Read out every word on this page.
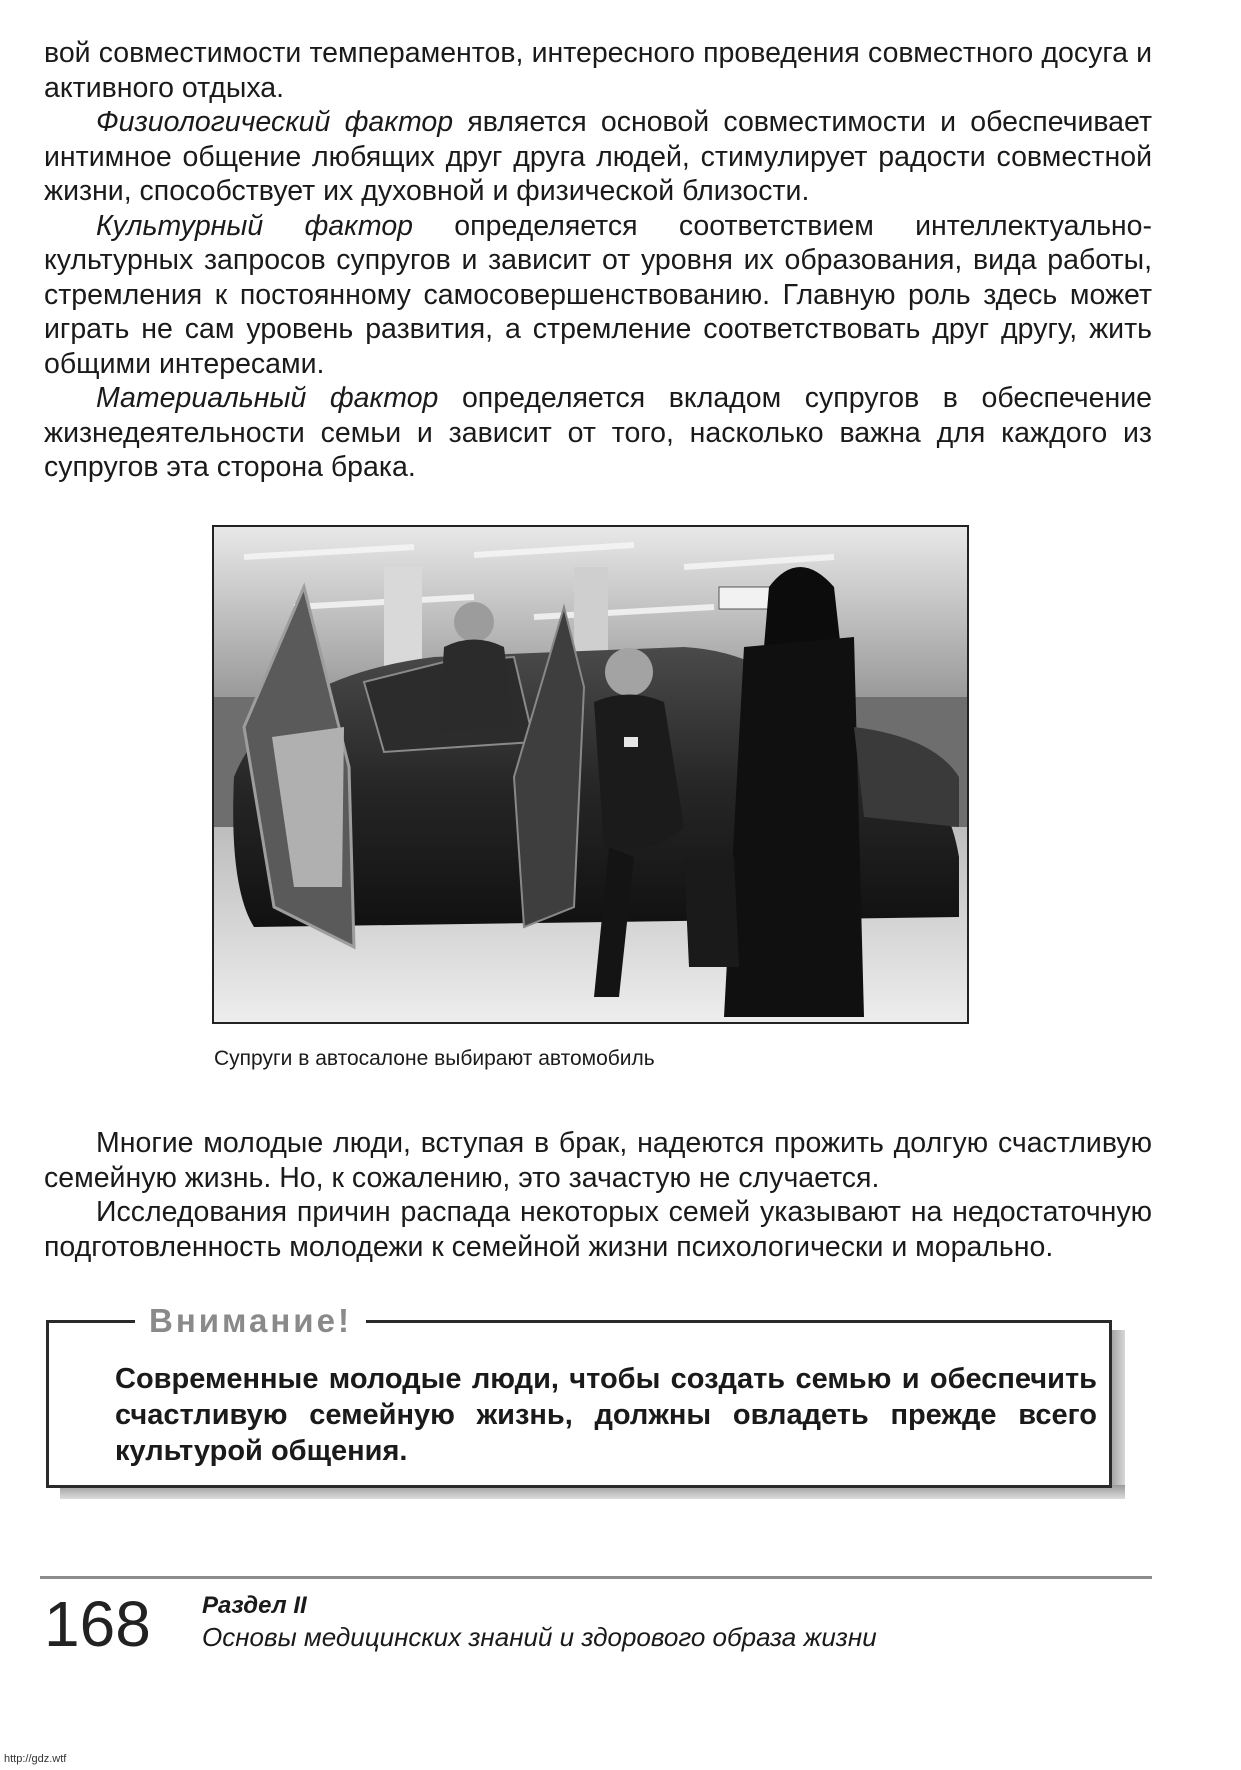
вой совместимости темпераментов, интересного проведения совместного досуга и активного отдыха.

Физиологический фактор является основой совместимости и обеспечивает интимное общение любящих друг друга людей, стимулирует радости совместной жизни, способствует их духовной и физической близости.

Культурный фактор определяется соответствием интеллектуально-культурных запросов супругов и зависит от уровня их образования, вида работы, стремления к постоянному самосовершенствованию. Главную роль здесь может играть не сам уровень развития, а стремление соответствовать друг другу, жить общими интересами.

Материальный фактор определяется вкладом супругов в обеспечение жизнедеятельности семьи и зависит от того, насколько важна для каждого из супругов эта сторона брака.

Супруги в автосалоне выбирают автомобиль

Многие молодые люди, вступая в брак, надеются прожить долгую счастливую семейную жизнь. Но, к сожалению, это зачастую не случается.

Исследования причин распада некоторых семей указывают на недостаточную подготовленность молодежи к семейной жизни психологически и морально.

Внимание!
Современные молодые люди, чтобы создать семью и обеспечить счастливую семейную жизнь, должны овладеть прежде всего культурой общения.
168 Раздел II
Основы медицинских знаний и здорового образа жизни
http://gdz.wtf
